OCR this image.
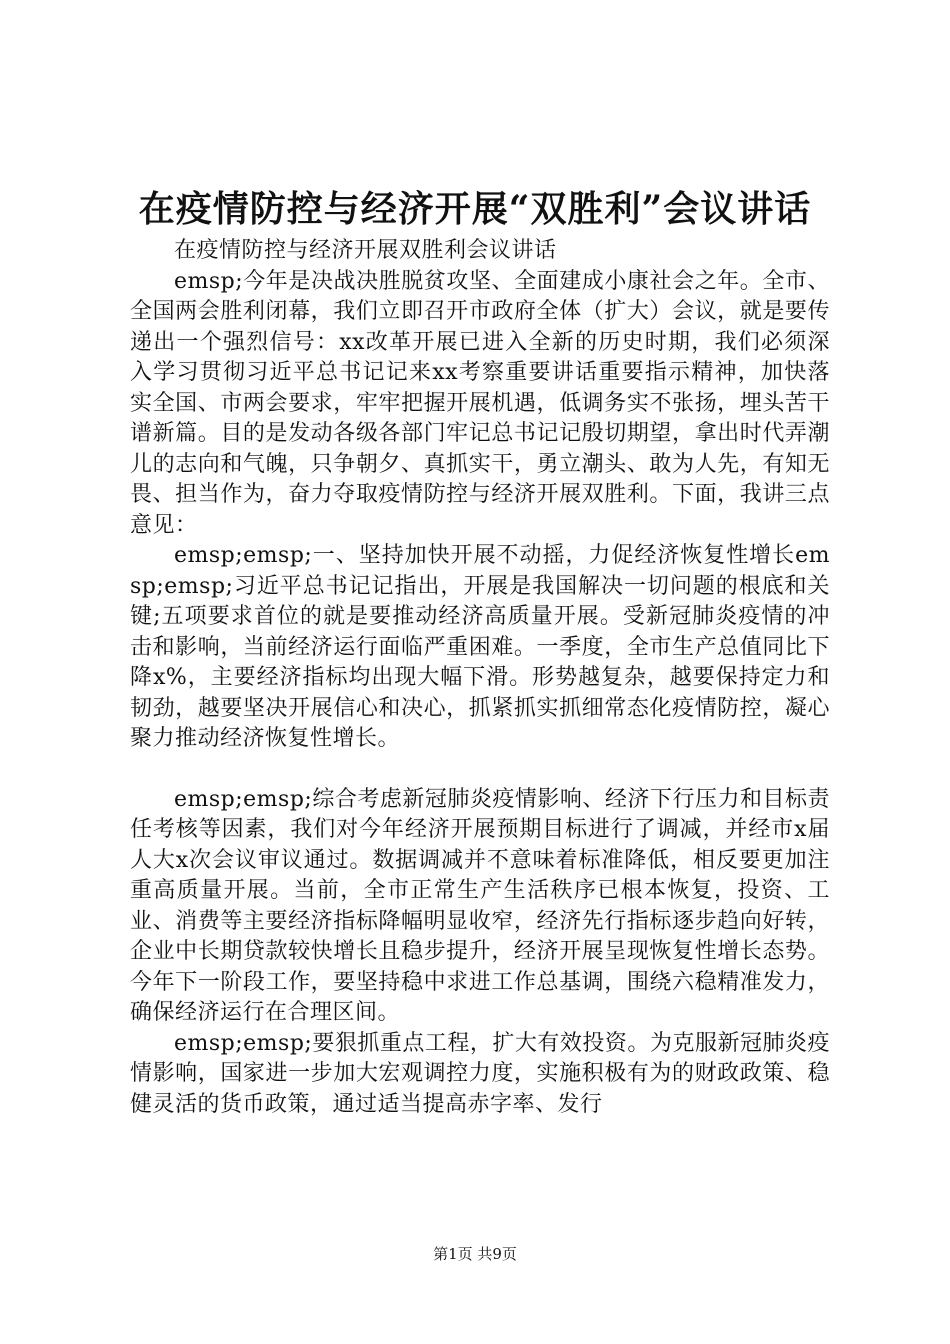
在疫情防控与经济开展“双胜利”会议讲话

在疫情防控与经济开展双胜利会议讲话

emsp;今年是决战决胜脱贫攻坚、全面建成小康社会之年。全市、全国两会胜利闭幕，我们立即召开市政府全体（扩大）会议，就是要传递出一个强烈信号：xx改革开展已进入全新的历史时期，我们必须深入学习贯彻习近平总书记记来xx考察重要讲话重要指示精神，加快落实全国、市两会要求，牢牢把握开展机遇，低调务实不张扬，埋头苦干谱新篇。目的是发动各级各部门牢记总书记记殷切期望，拿出时代弄潮儿的志向和气魄，只争朝夕、真抓实干，勇立潮头、敢为人先，有知无畏、担当作为，奋力夺取疫情防控与经济开展双胜利。下面，我讲三点意见：

emsp;emsp;一、坚持加快开展不动摇，力促经济恢复性增长emsp;emsp;习近平总书记记指出，开展是我国解决一切问题的根底和关键;五项要求首位的就是要推动经济高质量开展。受新冠肺炎疫情的冲击和影响，当前经济运行面临严重困难。一季度，全市生产总值同比下降x%，主要经济指标均出现大幅下滑。形势越复杂，越要保持定力和韧劲，越要坚决开展信心和决心，抓紧抓实抓细常态化疫情防控，凝心聚力推动经济恢复性增长。

emsp;emsp;综合考虑新冠肺炎疫情影响、经济下行压力和目标责任考核等因素，我们对今年经济开展预期目标进行了调减，并经市x届人大x次会议审议通过。数据调减并不意味着标准降低，相反要更加注重高质量开展。当前，全市正常生产生活秩序已根本恢复，投资、工业、消费等主要经济指标降幅明显收窄，经济先行指标逐步趋向好转，企业中长期贷款较快增长且稳步提升，经济开展呈现恢复性增长态势。今年下一阶段工作，要坚持稳中求进工作总基调，围绕六稳精准发力，确保经济运行在合理区间。

emsp;emsp;要狠抓重点工程，扩大有效投资。为克服新冠肺炎疫情影响，国家进一步加大宏观调控力度，实施积极有为的财政政策、稳健灵活的货币政策，通过适当提高赤字率、发行

第1页 共9页
